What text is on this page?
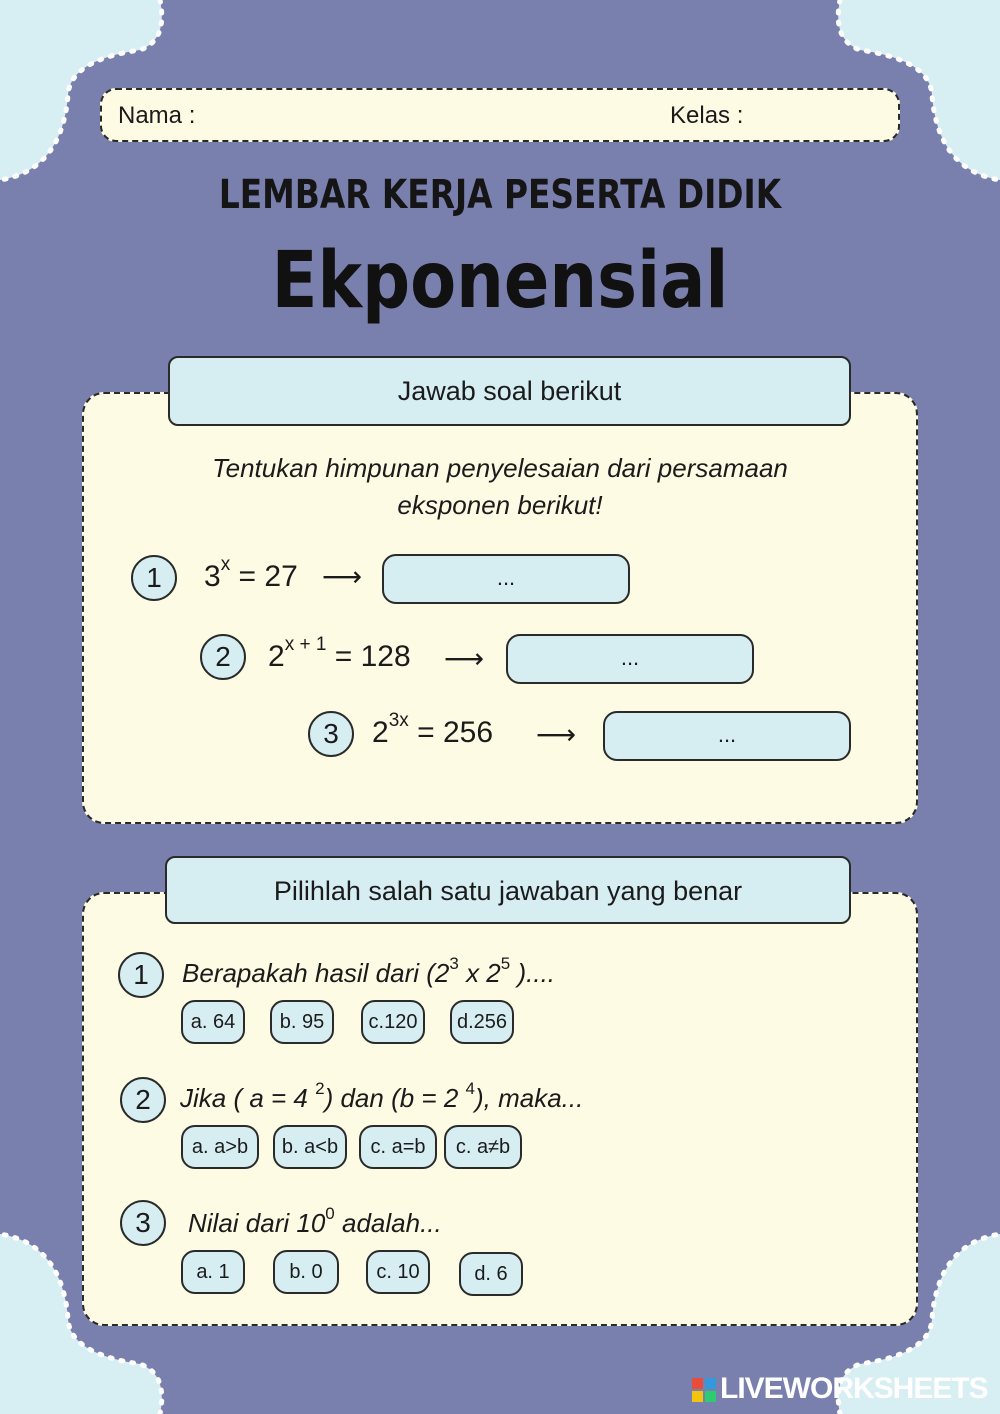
Nama :	Kelas :
LEMBAR KERJA PESERTA DIDIK
Ekponensial
Jawab soal berikut
Tentukan himpunan penyelesaian dari persamaan
eksponen berikut!
1	$3^x = 27$ ⟶	...
2	$2^{x + 1} = 128$ ⟶	...
3	$2^{3x} = 256$ ⟶	...
Pilihlah salah satu jawaban yang benar
1	Berapakah hasil dari ($2^3$ x $2^5$ )....
a. 64	b. 95	c.120	d.256
2	Jika ( a = 4 $^2$) dan (b = 2 $^4$), maka...
a. a>b	b. a<b	c. a=b	c. a≠b
3	Nilai dari $10^0$ adalah...
a. 1	b. 0	c. 10	d. 6
LIVEWORKSHEETS
